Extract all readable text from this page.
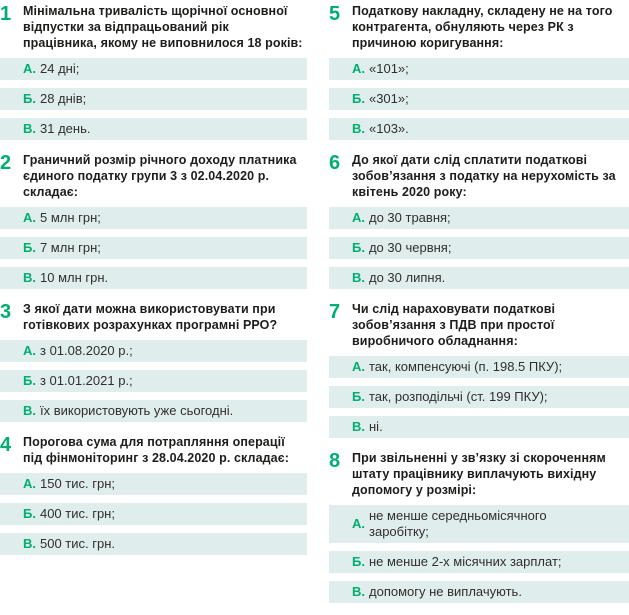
1 Мінімальна тривалість щорічної основної відпустки за відпрацьований рік працівника, якому не виповнилося 18 років:
А. 24 дні;
Б. 28 днів;
В. 31 день.
2 Граничний розмір річного доходу платника єдиного податку групи 3 з 02.04.2020 р. складає:
А. 5 млн грн;
Б. 7 млн грн;
В. 10 млн грн.
3 З якої дати можна використовувати при готівкових розрахунках програмні РРО?
А. з 01.08.2020 р.;
Б. з 01.01.2021 р.;
В. їх використовують уже сьогодні.
4 Порогова сума для потрапляння операції під фінмоніторинг з 28.04.2020 р. складає:
А. 150 тис. грн;
Б. 400 тис. грн;
В. 500 тис. грн.
5 Податкову накладну, складену не на того контрагента, обнуляють через РК з причиною коригування:
А. «101»;
Б. «301»;
В. «103».
6 До якої дати слід сплатити податкові зобов’язання з податку на нерухомість за квітень 2020 року:
А. до 30 травня;
Б. до 30 червня;
В. до 30 липня.
7 Чи слід нараховувати податкові зобов’язання з ПДВ при простої виробничого обладнання:
А. так, компенсуючі (п. 198.5 ПКУ);
Б. так, розподільчі (ст. 199 ПКУ);
В. ні.
8 При звільненні у зв’язку зі скороченням штату працівнику виплачують вихідну допомогу у розмірі:
А.
не менше середньомісячного заробітку;
Б. не менше 2-х місячних зарплат;
В. допомогу не виплачують.
